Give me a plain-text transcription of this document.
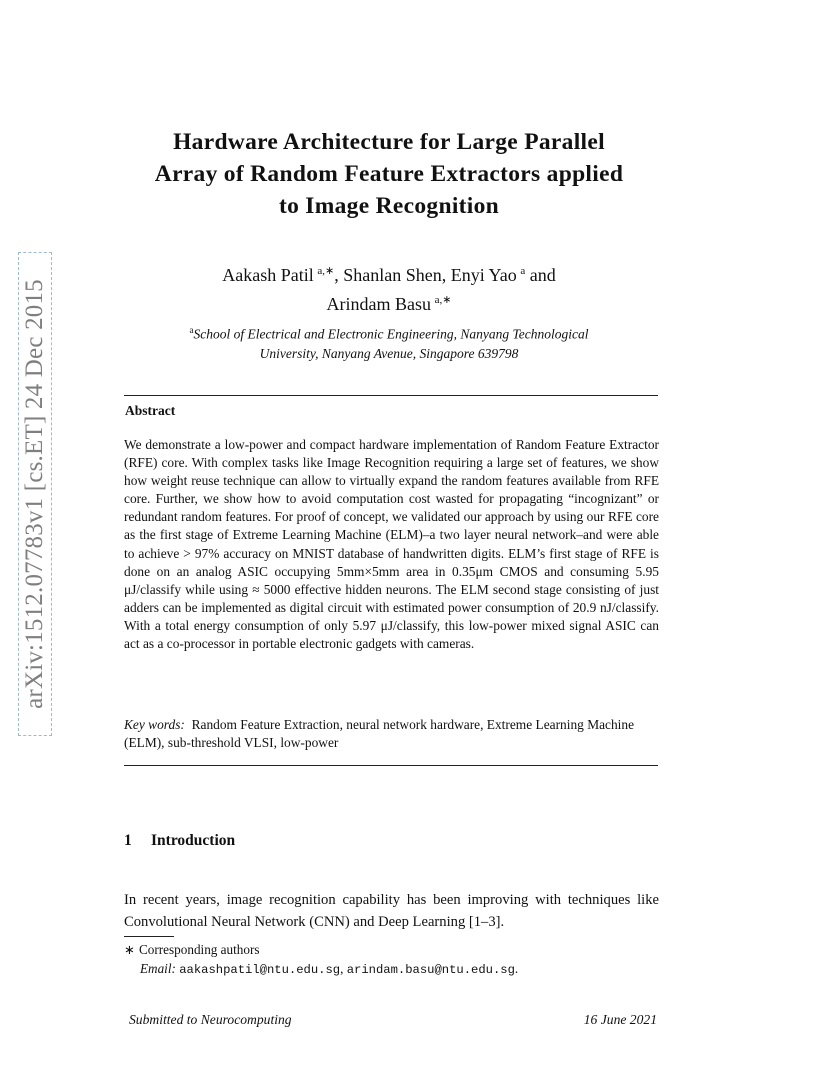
arXiv:1512.07783v1 [cs.ET] 24 Dec 2015
Hardware Architecture for Large Parallel
Array of Random Feature Extractors applied
to Image Recognition
Aakash Patil  $^{a,∗}$, Shanlan Shen, Enyi Yao  $^a$ and
Arindam Basu  $^{a,∗}$
$^a$School of Electrical and Electronic Engineering, Nanyang Technological
University, Nanyang Avenue, Singapore 639798
Abstract
We demonstrate a low-power and compact hardware implementation of Random Feature Extractor (RFE) core. With complex tasks like Image Recognition requiring a large set of features, we show how weight reuse technique can allow to virtually expand the random features available from RFE core. Further, we show how to avoid computation cost wasted for propagating “incognizant” or redundant random features. For proof of concept, we validated our approach by using our RFE core as the first stage of Extreme Learning Machine (ELM)–a two layer neural network–and were able to achieve > 97% accuracy on MNIST database of handwritten digits. ELM’s first stage of RFE is done on an analog ASIC occupying 5mm×5mm area in 0.35μm CMOS and consuming 5.95 μJ/classify while using ≈ 5000 effective hidden neurons. The ELM second stage consisting of just adders can be implemented as digital circuit with estimated power consumption of 20.9 nJ/classify. With a total energy consumption of only 5.97 μJ/classify, this low-power mixed signal ASIC can act as a co-processor in portable electronic gadgets with cameras.
Key words: Random Feature Extraction, neural network hardware, Extreme Learning Machine (ELM), sub-threshold VLSI, low-power
1 Introduction
In recent years, image recognition capability has been improving with techniques like Convolutional Neural Network (CNN) and Deep Learning [1–3].
∗ Corresponding authors
Email: aakashpatil@ntu.edu.sg, arindam.basu@ntu.edu.sg.
Submitted to Neurocomputing	16 June 2021
